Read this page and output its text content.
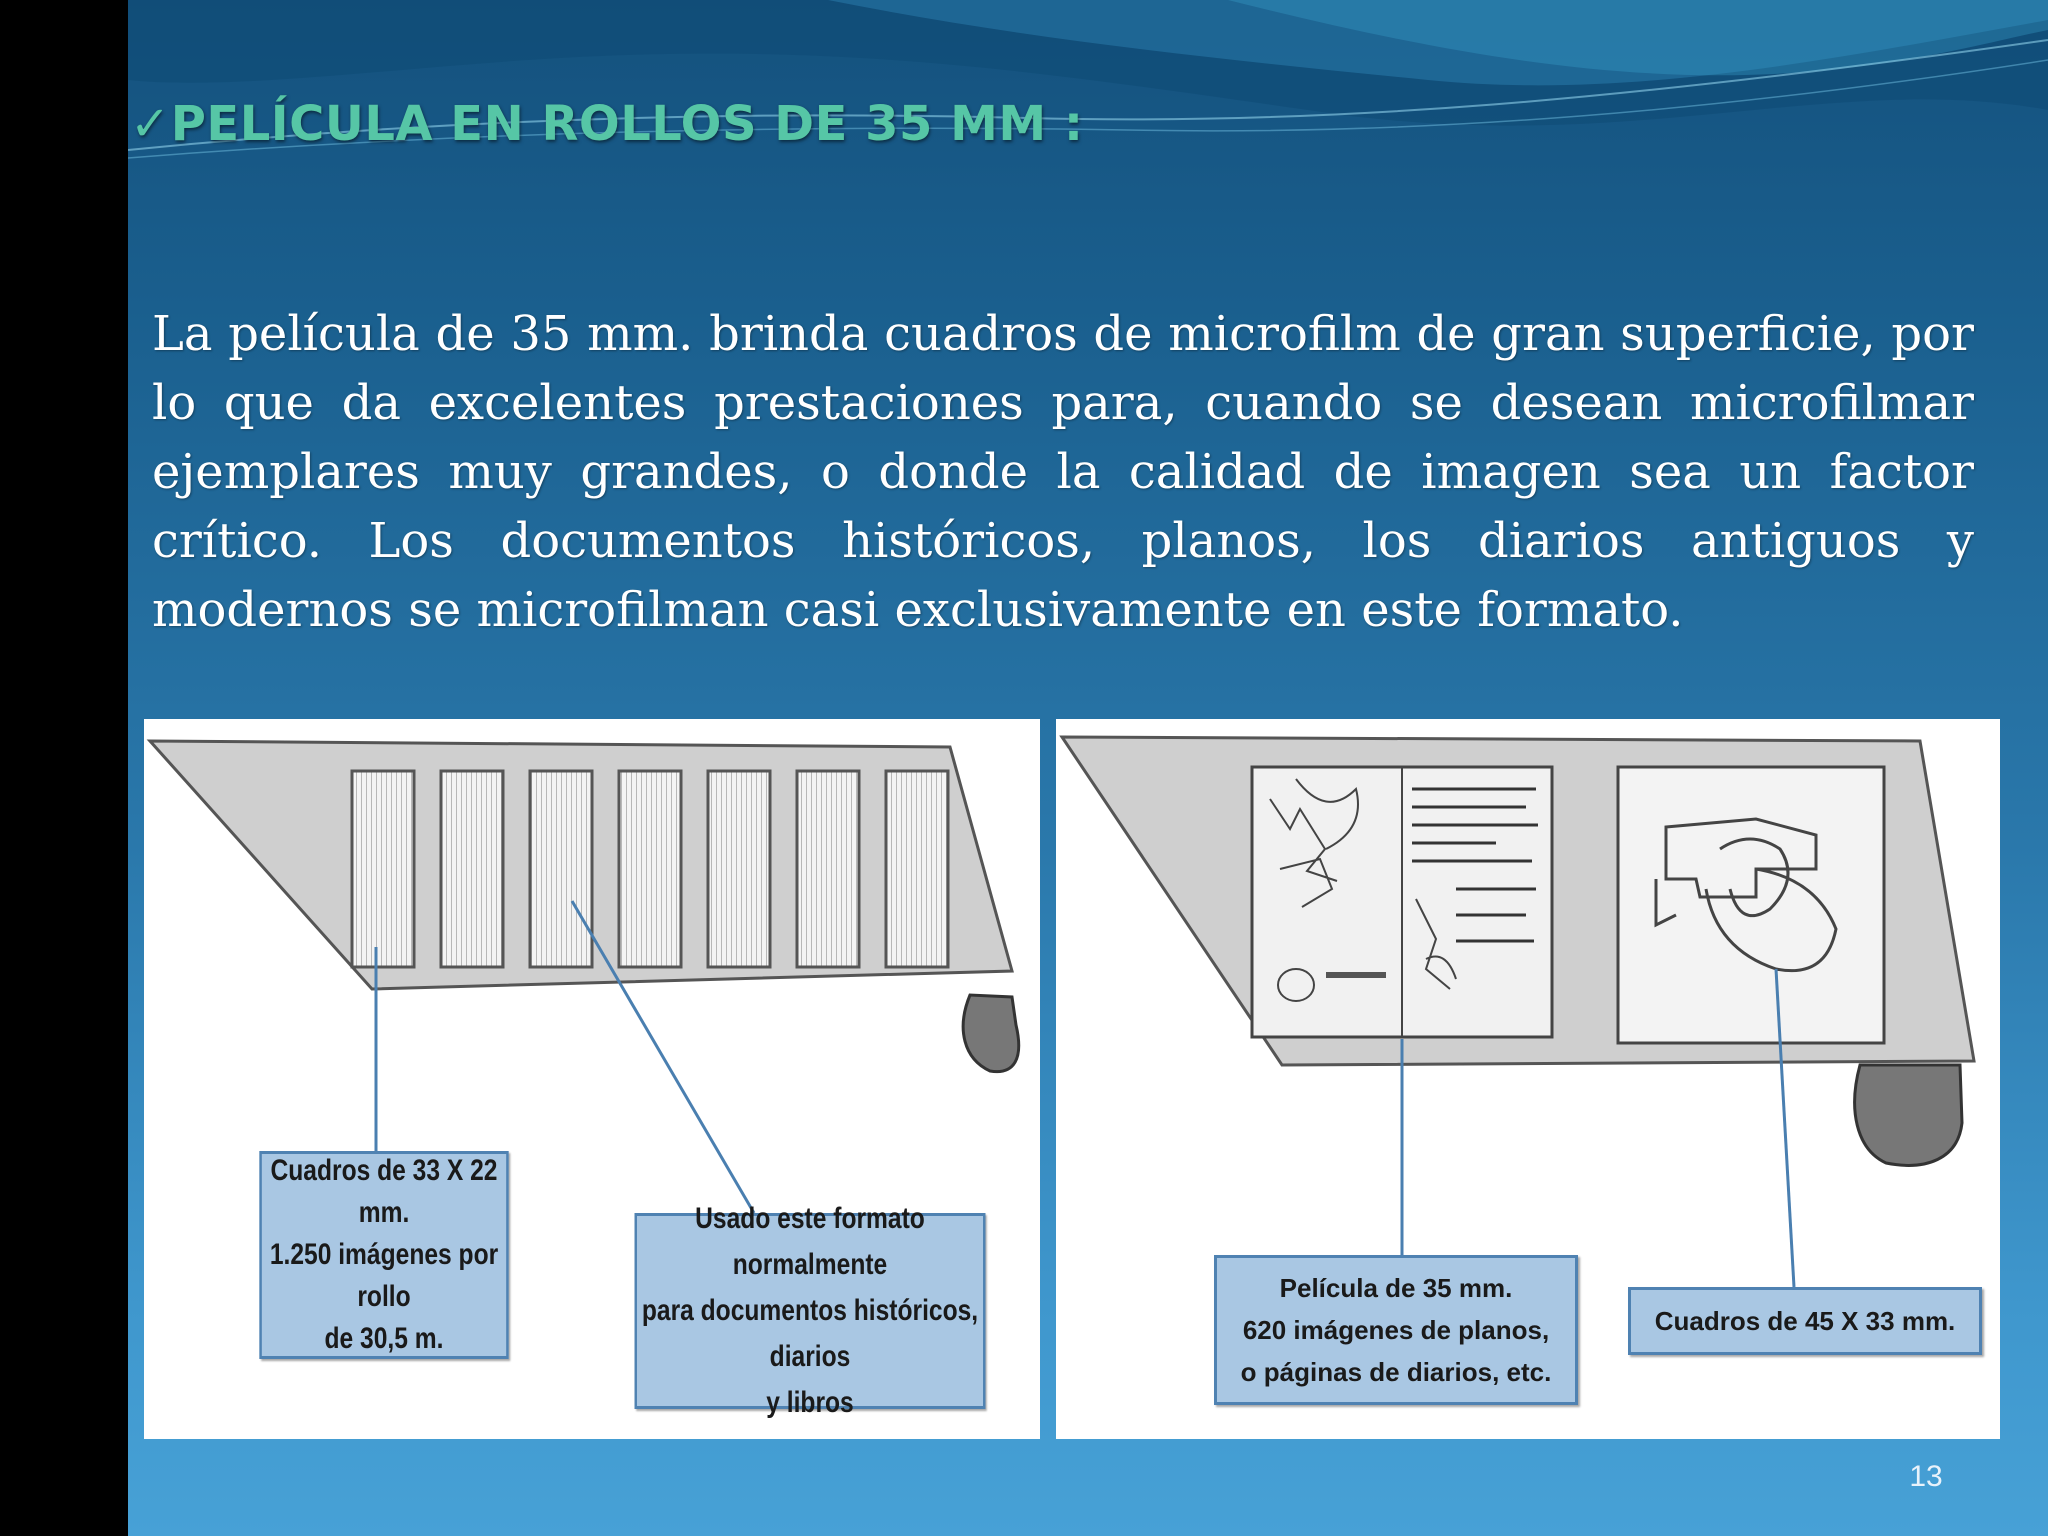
✓PELÍCULA EN ROLLOS DE 35 MM :

La película de 35 mm. brinda cuadros de microfilm de gran superficie, por lo que da excelentes prestaciones para, cuando se desean microfilmar ejemplares muy grandes, o donde la calidad de imagen sea un factor crítico. Los documentos históricos, planos, los diarios antiguos y modernos se microfilman casi exclusivamente en este formato.

Cuadros de 33 X 22 mm.
1.250 imágenes por rollo
de 30,5 m.
Usado este formato normalmente
para documentos históricos, diarios
y libros
Película de 35 mm.
620 imágenes de planos,
o páginas de diarios, etc.
Cuadros de 45 X 33 mm.
13
